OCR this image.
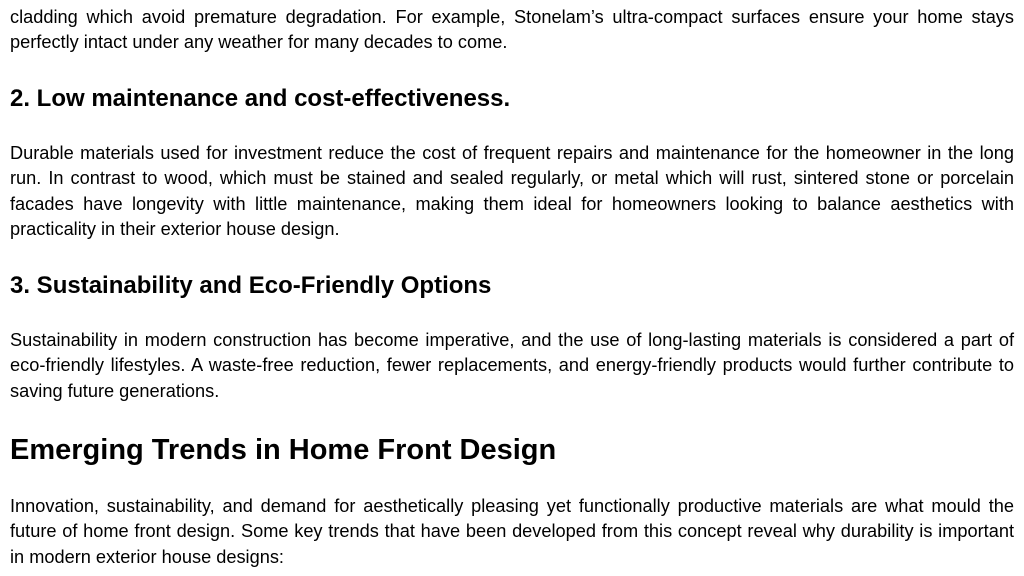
cladding which avoid premature degradation. For example, Stonelam’s ultra-compact surfaces ensure your home stays perfectly intact under any weather for many decades to come.

2. Low maintenance and cost-effectiveness.

Durable materials used for investment reduce the cost of frequent repairs and maintenance for the homeowner in the long run. In contrast to wood, which must be stained and sealed regularly, or metal which will rust, sintered stone or porcelain facades have longevity with little maintenance, making them ideal for homeowners looking to balance aesthetics with practicality in their exterior house design.

3. Sustainability and Eco-Friendly Options

Sustainability in modern construction has become imperative, and the use of long-lasting materials is considered a part of eco-friendly lifestyles. A waste-free reduction, fewer replacements, and energy-friendly products would further contribute to saving future generations.

Emerging Trends in Home Front Design

Innovation, sustainability, and demand for aesthetically pleasing yet functionally productive materials are what mould the future of home front design. Some key trends that have been developed from this concept reveal why durability is important in modern exterior house designs:
